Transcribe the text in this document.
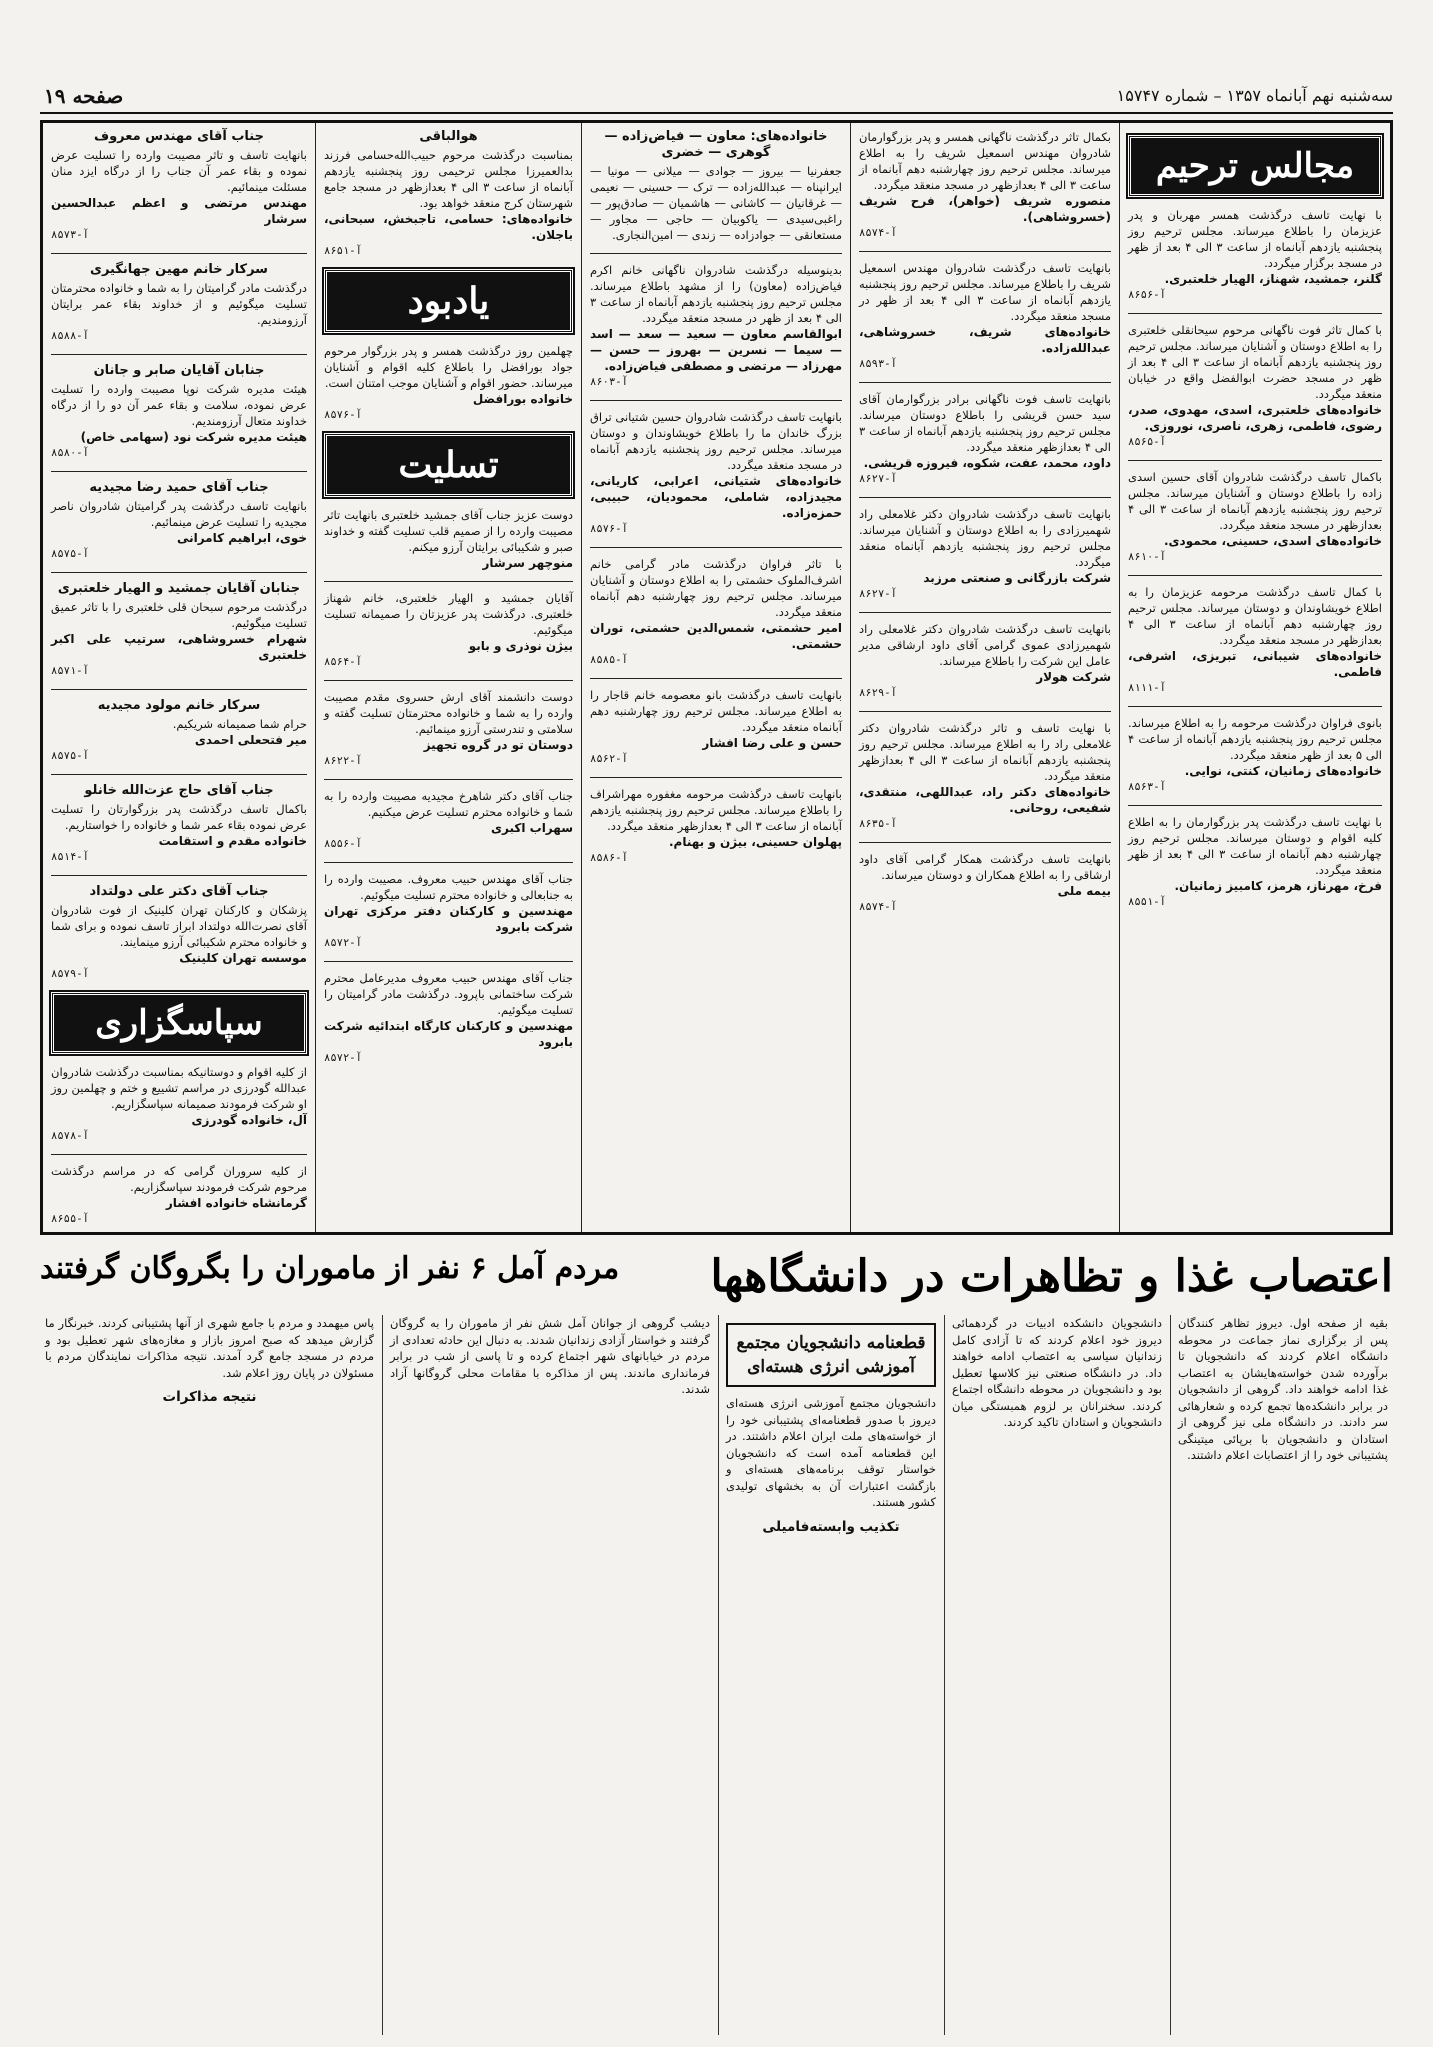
سه‌شنبه نهم آبانماه ۱۳۵۷ – شماره ۱۵۷۴۷
صفحه ۱۹
مجالس ترحیم
با نهایت تاسف درگذشت همسر مهربان و پدر عزیزمان را باطلاع میرساند. مجلس ترحیم روز پنجشنبه یازدهم آبانماه از ساعت ۳ الی ۴ بعد از ظهر در مسجد برگزار میگردد.
گلنر، جمشید، شهناز، الهیار خلعتبری.
آ-۸۶۵۶
با کمال تاثر فوت ناگهانی مرحوم سیحانقلی خلعتبری را به اطلاع دوستان و آشنایان میرساند. مجلس ترحیم روز پنجشنبه یازدهم آبانماه از ساعت ۳ الی ۴ بعد از ظهر در مسجد حضرت ابوالفضل واقع در خیابان منعقد میگردد.
خانواده‌های خلعتبری، اسدی، مهدوی، صدر، رضوی، فاطمی، زهری، ناصری، نوروزی.
آ-۸۵۶۵
باکمال تاسف درگذشت شادروان آقای حسین اسدی زاده را باطلاع دوستان و آشنایان میرساند. مجلس ترحیم روز پنجشنبه یازدهم آبانماه از ساعت ۳ الی ۴ بعدازظهر در مسجد منعقد میگردد.
خانواده‌های اسدی، حسینی، محمودی.
آ-۸۶۱۰
با کمال تاسف درگذشت مرحومه عزیزمان را به اطلاع خویشاوندان و دوستان میرساند. مجلس ترحیم روز چهارشنبه دهم آبانماه از ساعت ۳ الی ۴ بعدازظهر در مسجد منعقد میگردد.
خانواده‌های شیبانی، تبریزی، اشرفی، فاطمی.
آ-۸۱۱۱
بانوی فراوان درگذشت مرحومه را به اطلاع میرساند. مجلس ترحیم روز پنجشنبه یازدهم آبانماه از ساعت ۴ الی ۵ بعد از ظهر منعقد میگردد.
خانواده‌های زمانیان، کنتی، نوایی.
آ-۸۵۶۳
با نهایت تاسف درگذشت پدر بزرگوارمان را به اطلاع کلیه اقوام و دوستان میرساند. مجلس ترحیم روز چهارشنبه دهم آبانماه از ساعت ۳ الی ۴ بعد از ظهر منعقد میگردد.
فرخ، مهرناز، هرمز، کامبیز زمانیان.
آ-۸۵۵۱
بکمال تاثر درگذشت ناگهانی همسر و پدر بزرگوارمان شادروان مهندس اسمعیل شریف را به اطلاع میرساند. مجلس ترحیم روز چهارشنبه دهم آبانماه از ساعت ۳ الی ۴ بعدازظهر در مسجد منعقد میگردد.
منصوره شریف (خواهر)، فرح شریف (خسروشاهی).
آ-۸۵۷۴
بانهایت تاسف درگذشت شادروان مهندس اسمعیل شریف را باطلاع میرساند. مجلس ترحیم روز پنجشنبه یازدهم آبانماه از ساعت ۳ الی ۴ بعد از ظهر در مسجد منعقد میگردد.
خانواده‌های شریف، خسروشاهی، عبدالله‌زاده.
آ-۸۵۹۳
بانهایت تاسف فوت ناگهانی برادر بزرگوارمان آقای سید حسن قریشی را باطلاع دوستان میرساند. مجلس ترحیم روز پنجشنبه یازدهم آبانماه از ساعت ۳ الی ۴ بعدازظهر منعقد میگردد.
داود، محمد، عفت، شکوه، فیروزه قریشی.
آ-۸۶۲۷
بانهایت تاسف درگذشت شادروان دکتر غلامعلی راد شهمیرزادی را به اطلاع دوستان و آشنایان میرساند. مجلس ترحیم روز پنجشنبه یازدهم آبانماه منعقد میگردد.
شرکت بازرگانی و صنعتی مرزبد
آ-۸۶۲۷
بانهایت تاسف درگذشت شادروان دکتر غلامعلی راد شهمیرزادی عموی گرامی آقای داود ارشاقی مدیر عامل این شرکت را باطلاع میرساند.
شرکت هولار
آ-۸۶۲۹
با نهایت تاسف و تاثر درگذشت شادروان دکتر غلامعلی راد را به اطلاع میرساند. مجلس ترحیم روز پنجشنبه یازدهم آبانماه از ساعت ۳ الی ۴ بعدازظهر منعقد میگردد.
خانواده‌های دکتر راد، عبداللهی، منتقدی، شفیعی، روحانی.
آ-۸۶۳۵
بانهایت تاسف درگذشت همکار گرامی آقای داود ارشاقی را به اطلاع همکاران و دوستان میرساند.
بیمه ملی
آ-۸۵۷۴
خانواده‌های: معاون — فیاض‌زاده — گوهری — خضری
جعفرنیا — بیروز — جوادی — میلانی — مونیا — ایرانپناه — عبدالله‌زاده — ترک — حسینی — نعیمی — غرقانیان — کاشانی — هاشمیان — صادق‌پور — راغبی‌سیدی — یاکوبیان — حاجی — مجاور — مستعانقی — جوادزاده — زندی — امین‌النجاری.
بدینوسیله درگذشت شادروان ناگهانی خانم اکرم فیاض‌زاده (معاون) را از مشهد باطلاع میرساند. مجلس ترحیم روز پنجشنبه یازدهم آبانماه از ساعت ۳ الی ۴ بعد از ظهر در مسجد منعقد میگردد.
ابوالقاسم معاون — سعید — سعد — اسد — سیما — نسرین — بهروز — حسن — مهرزاد — مرتضی و مصطفی فیاض‌زاده.
آ-۸۶۰۳
بانهایت تاسف درگذشت شادروان حسین شتیانی تراق بزرگ خاندان ما را باطلاع خویشاوندان و دوستان میرساند. مجلس ترحیم روز پنجشنبه یازدهم آبانماه در مسجد منعقد میگردد.
خانواده‌های شتیانی، اعرابی، کاریانی، مجیدزاده، شاملی، محمودیان، حبیبی، حمزه‌زاده.
آ-۸۵۷۶
با تاثر فراوان درگذشت مادر گرامی خانم اشرف‌الملوک حشمتی را به اطلاع دوستان و آشنایان میرساند. مجلس ترحیم روز چهارشنبه دهم آبانماه منعقد میگردد.
امیر حشمتی، شمس‌الدین حشمتی، توران حشمتی.
آ-۸۵۸۵
بانهایت تاسف درگذشت بانو معصومه خانم قاجار را به اطلاع میرساند. مجلس ترحیم روز چهارشنبه دهم آبانماه منعقد میگردد.
حسن و علی رضا افشار
آ-۸۵۶۲
بانهایت تاسف درگذشت مرحومه مغفوره مهراشراف را باطلاع میرساند. مجلس ترحیم روز پنجشنبه یازدهم آبانماه از ساعت ۳ الی ۴ بعدازظهر منعقد میگردد.
پهلوان حسینی، بیژن و بهنام.
آ-۸۵۸۶
هوالباقی
بمناسبت درگذشت مرحوم حبیب‌الله‌حسامی فرزند بدالعمیرزا مجلس ترحیمی روز پنجشنبه یازدهم آبانماه از ساعت ۳ الی ۴ بعدازظهر در مسجد جامع شهرستان کرج منعقد خواهد بود.
خانواده‌های: حسامی، تاجبخش، سبحانی، باجلان.
آ-۸۶۵۱
یادبود
چهلمین روز درگذشت همسر و پدر بزرگوار مرحوم جواد بورافضل را باطلاع کلیه اقوام و آشنایان میرساند. حضور اقوام و آشنایان موجب امتنان است.
خانواده بورافضل
آ-۸۵۷۶
تسلیت
دوست عزیز جناب آقای جمشید خلعتبری بانهایت تاثر مصیبت وارده را از صمیم قلب تسلیت گفته و خداوند صبر و شکیبائی برایتان آرزو میکنم.
منوچهر سرشار
آقایان جمشید و الهیار خلعتبری، خانم شهناز خلعتبری. درگذشت پدر عزیزتان را صمیمانه تسلیت میگوئیم.
بیژن نوذری و بابو
آ-۸۵۶۴
دوست دانشمند آقای ارش حسروی مقدم مصیبت وارده را به شما و خانواده محترمتان تسلیت گفته و سلامتی و تندرستی آرزو مینمائیم.
دوستان تو در گروه تجهیز
آ-۸۶۲۲
جناب آقای دکتر شاهرخ مجیدیه مصیبت وارده را به شما و خانواده محترم تسلیت عرض میکنیم.
سهراب اکبری
آ-۸۵۵۶
جناب آقای مهندس حبیب معروف. مصیبت وارده را به جنابعالی و خانواده محترم تسلیت میگوئیم.
مهندسین و کارکنان دفتر مرکزی تهران شرکت بابرود
آ-۸۵۷۲
جناب آقای مهندس حبیب معروف مدیرعامل محترم شرکت ساختمانی باپرود. درگذشت مادر گرامیتان را تسلیت میگوئیم.
مهندسین و کارکنان کارگاه ابتدائیه شرکت بابرود
آ-۸۵۷۲
جناب آقای مهندس معروف
بانهایت تاسف و تاثر مصیبت وارده را تسلیت عرض نموده و بقاء عمر آن جناب را از درگاه ایزد منان مسئلت مینمائیم.
مهندس مرتضی و اعظم عبدالحسین سرشار
آ-۸۵۷۳
سرکار خانم مهین جهانگیری
درگذشت مادر گرامیتان را به شما و خانواده محترمتان تسلیت میگوئیم و از خداوند بقاء عمر برایتان آرزومندیم.
آ-۸۵۸۸
جنابان آقایان صابر و جانان
هیئت مدیره شرکت نوپا مصیبت وارده را تسلیت عرض نموده، سلامت و بقاء عمر آن دو را از درگاه خداوند متعال آرزومندیم.
هیئت مدیره شرکت نود (سهامی خاص)
آ-۸۵۸۰
جناب آقای حمید رضا مجیدیه
بانهایت تاسف درگذشت پدر گرامیتان شادروان ناصر مجیدیه را تسلیت عرض مینمائیم.
خوی، ابراهیم کامرانی
آ-۸۵۷۵
جنابان آقایان جمشید و الهیار خلعتبری
درگذشت مرحوم سبحان قلی خلعتبری را با تاثر عمیق تسلیت میگوئیم.
شهرام خسروشاهی، سرتیپ علی اکبر خلعتبری
آ-۸۵۷۱
سرکار خانم مولود مجیدیه
حرام شما صمیمانه شریکیم.
میر فتحعلی احمدی
آ-۸۵۷۵
جناب آقای حاج عزت‌الله خانلو
باکمال تاسف درگذشت پدر بزرگوارتان را تسلیت عرض نموده بقاء عمر شما و خانواده را خواستاریم.
خانواده مقدم و استقامت
آ-۸۵۱۴
جناب آقای دکتر علی دولتداد
پزشکان و کارکنان تهران کلینیک از فوت شادروان آقای نصرت‌الله دولتداد ابراز تاسف نموده و برای شما و خانواده محترم شکیبائی آرزو مینمایند.
موسسه تهران کلینیک
آ-۸۵۷۹
سپاسگزاری
از کلیه اقوام و دوستانیکه بمناسبت درگذشت شادروان عبدالله گودرزی در مراسم تشییع و ختم و چهلمین روز او شرکت فرمودند صمیمانه سپاسگزاریم.
آل، خانواده گودرزی
آ-۸۵۷۸
از کلیه سروران گرامی که در مراسم درگذشت مرحوم شرکت فرمودند سپاسگزاریم.
گرمانشاه خانواده افشار
آ-۸۶۵۵
اعتصاب غذا و تظاهرات در دانشگاهها
مردم آمل ۶ نفر از ماموران را بگروگان گرفتند

بقیه از صفحه اول. دیروز تظاهر کنندگان پس از برگزاری نماز جماعت در محوطه دانشگاه اعلام کردند که دانشجویان تا برآورده شدن خواسته‌هایشان به اعتصاب غذا ادامه خواهند داد. گروهی از دانشجویان در برابر دانشکده‌ها تجمع کرده و شعارهائی سر دادند. در دانشگاه ملی نیز گروهی از استادان و دانشجویان با برپائی میتینگی پشتیبانی خود را از اعتصابات اعلام داشتند.

دانشجویان دانشکده ادبیات در گردهمائی دیروز خود اعلام کردند که تا آزادی کامل زندانیان سیاسی به اعتصاب ادامه خواهند داد. در دانشگاه صنعتی نیز کلاسها تعطیل بود و دانشجویان در محوطه دانشگاه اجتماع کردند. سخنرانان بر لزوم همبستگی میان دانشجویان و استادان تاکید کردند.

قطعنامه دانشجویان مجتمع آموزشی انرژی هسته‌ای

دانشجویان مجتمع آموزشی انرژی هسته‌ای دیروز با صدور قطعنامه‌ای پشتیبانی خود را از خواسته‌های ملت ایران اعلام داشتند. در این قطعنامه آمده است که دانشجویان خواستار توقف برنامه‌های هسته‌ای و بازگشت اعتبارات آن به بخشهای تولیدی کشور هستند.

تکذیب وابسته‌فامیلی

دیشب گروهی از جوانان آمل شش نفر از ماموران را به گروگان گرفتند و خواستار آزادی زندانیان شدند. به دنبال این حادثه تعدادی از مردم در خیابانهای شهر اجتماع کرده و تا پاسی از شب در برابر فرمانداری ماندند. پس از مذاکره با مقامات محلی گروگانها آزاد شدند.

پاس میهمدد و مردم با جامع شهری از آنها پشتیبانی کردند. خبرنگار ما گزارش میدهد که صبح امروز بازار و مغازه‌های شهر تعطیل بود و مردم در مسجد جامع گرد آمدند. نتیجه مذاکرات نمایندگان مردم با مسئولان در پایان روز اعلام شد.

نتیجه مذاکرات
